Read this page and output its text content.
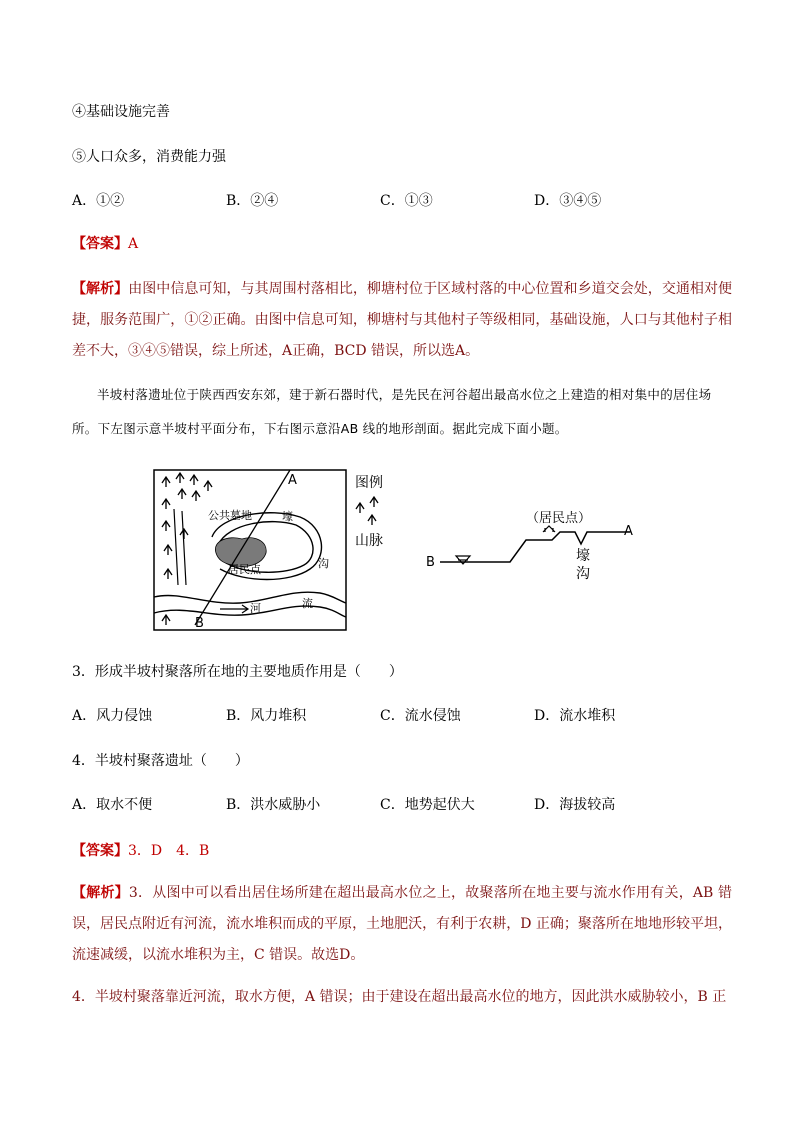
④基础设施完善
⑤人口众多，消费能力强
A．①②	B．②④	C．①③	D．③④⑤
【答案】A
【解析】由图中信息可知，与其周围村落相比，柳塘村位于区域村落的中心位置和乡道交会处，交通相对便捷，服务范围广，①②正确。由图中信息可知，柳塘村与其他村子等级相同，基础设施，人口与其他村子相差不大，③④⑤错误，综上所述，A正确，BCD 错误，所以选A。
半坡村落遗址位于陕西西安东郊，建于新石器时代，是先民在河谷超出最高水位之上建造的相对集中的居住场所。下左图示意半坡村平面分布，下右图示意沿AB 线的地形剖面。据此完成下面小题。
A
B
公共墓地
居民点
壕
沟
河	流
图例
山脉
（居民点）
A
B	壕
沟
3．形成半坡村聚落所在地的主要地质作用是（　　）
A．风力侵蚀	B．风力堆积	C．流水侵蚀	D．流水堆积
4．半坡村聚落遗址（　　）
A．取水不便	B．洪水威胁小	C．地势起伏大	D．海拔较高
【答案】3．D　4．B
【解析】3．从图中可以看出居住场所建在超出最高水位之上，故聚落所在地主要与流水作用有关，AB 错误，居民点附近有河流，流水堆积而成的平原，土地肥沃，有利于农耕，D 正确；聚落所在地地形较平坦，流速减缓，以流水堆积为主，C 错误。故选D。
4．半坡村聚落靠近河流，取水方便，A 错误；由于建设在超出最高水位的地方，因此洪水威胁较小，B 正
